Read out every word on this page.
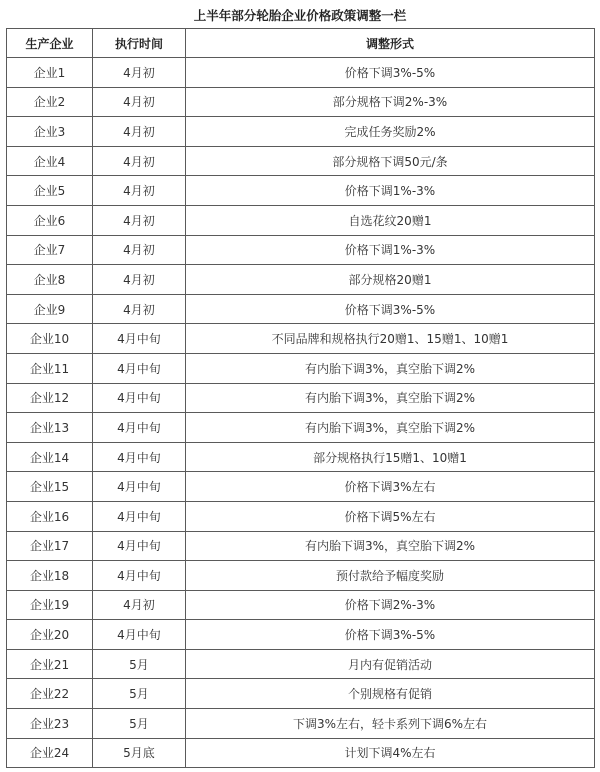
上半年部分轮胎企业价格政策调整一栏
生产企业	执行时间	调整形式
企业1	4月初	价格下调3%-5%
企业2	4月初	部分规格下调2%-3%
企业3	4月初	完成任务奖励2%
企业4	4月初	部分规格下调50元/条
企业5	4月初	价格下调1%-3%
企业6	4月初	自选花纹20赠1
企业7	4月初	价格下调1%-3%
企业8	4月初	部分规格20赠1
企业9	4月初	价格下调3%-5%
企业10	4月中旬	不同品牌和规格执行20赠1、15赠1、10赠1
企业11	4月中旬	有内胎下调3%，真空胎下调2%
企业12	4月中旬	有内胎下调3%，真空胎下调2%
企业13	4月中旬	有内胎下调3%，真空胎下调2%
企业14	4月中旬	部分规格执行15赠1、10赠1
企业15	4月中旬	价格下调3%左右
企业16	4月中旬	价格下调5%左右
企业17	4月中旬	有内胎下调3%，真空胎下调2%
企业18	4月中旬	预付款给予幅度奖励
企业19	4月初	价格下调2%-3%
企业20	4月中旬	价格下调3%-5%
企业21	5月	月内有促销活动
企业22	5月	个别规格有促销
企业23	5月	下调3%左右，轻卡系列下调6%左右
企业24	5月底	计划下调4%左右
